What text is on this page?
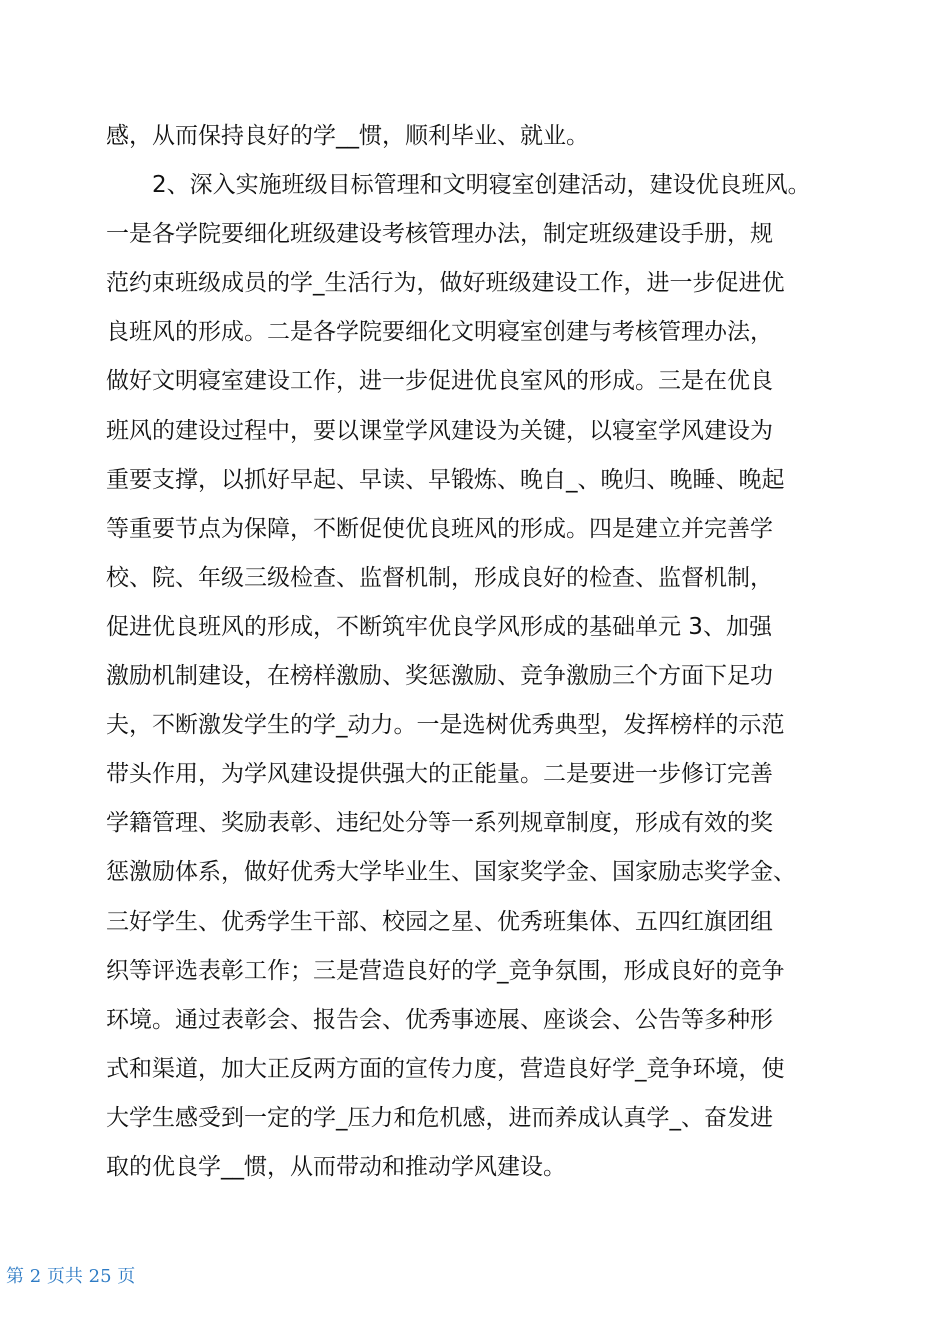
感，从而保持良好的学__惯，顺利毕业、就业。
　　2、深入实施班级目标管理和文明寝室创建活动，建设优良班风。
一是各学院要细化班级建设考核管理办法，制定班级建设手册，规
范约束班级成员的学_生活行为，做好班级建设工作，进一步促进优
良班风的形成。二是各学院要细化文明寝室创建与考核管理办法，
做好文明寝室建设工作，进一步促进优良室风的形成。三是在优良
班风的建设过程中，要以课堂学风建设为关键，以寝室学风建设为
重要支撑，以抓好早起、早读、早锻炼、晚自_、晚归、晚睡、晚起
等重要节点为保障，不断促使优良班风的形成。四是建立并完善学
校、院、年级三级检查、监督机制，形成良好的检查、监督机制，
促进优良班风的形成，不断筑牢优良学风形成的基础单元 3、加强
激励机制建设，在榜样激励、奖惩激励、竞争激励三个方面下足功
夫，不断激发学生的学_动力。一是选树优秀典型，发挥榜样的示范
带头作用，为学风建设提供强大的正能量。二是要进一步修订完善
学籍管理、奖励表彰、违纪处分等一系列规章制度，形成有效的奖
惩激励体系，做好优秀大学毕业生、国家奖学金、国家励志奖学金、
三好学生、优秀学生干部、校园之星、优秀班集体、五四红旗团组
织等评选表彰工作；三是营造良好的学_竞争氛围，形成良好的竞争
环境。通过表彰会、报告会、优秀事迹展、座谈会、公告等多种形
式和渠道，加大正反两方面的宣传力度，营造良好学_竞争环境，使
大学生感受到一定的学_压力和危机感，进而养成认真学_、奋发进
取的优良学__惯，从而带动和推动学风建设。
第 2 页共 25 页
